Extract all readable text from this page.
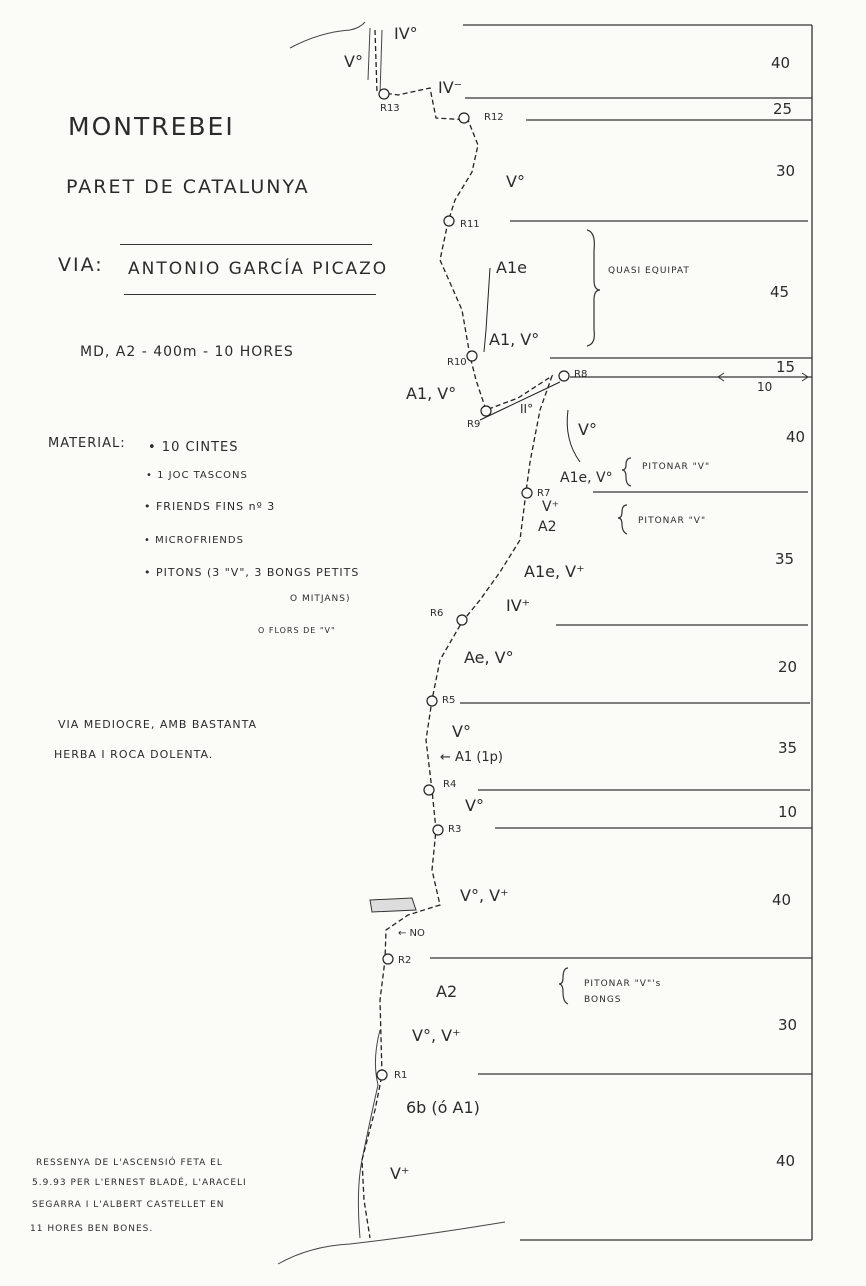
MONTREBEI
PARET DE CATALUNYA
VIA: ANTONIO GARCÍA PICAZO
MD, A2 - 400m - 10 HORES
MATERIAL: • 10 CINTES
• 1 JOC TASCONS
• FRIENDS FINS nº 3
• MICROFRIENDS
• PITONS (3 "V", 3 BONGS PETITS
O MITJANS)
O FLORS DE "V"
VIA MEDIOCRE, AMB BASTANTA
HERBA I ROCA DOLENTA.
RESSENYA DE L'ASCENSIÓ FETA EL
5.9.93 PER L'ERNEST BLADÉ, L'ARACELI
SEGARRA I L'ALBERT CASTELLET EN
11 HORES BEN BONES.
40
25
30
45
15
10
40
35
20
35
10
40
30
40
R13
R12
R11
R10
R9
R8
R7
R6
R5
R4
R3
R2
R1
V°
IV°
IV⁻
V°
A1e
A1, V°
A1, V°
II°
V°
A1e, V°
V⁺
A2
A1e, V⁺
IV⁺
Ae, V°
V°
← A1 (1p)
V°
V°, V⁺
← NO
A2
V°, V⁺
6b (ó A1)
V⁺
QUASI EQUIPAT
PITONAR "V"
PITONAR "V"
PITONAR "V"'s BONGS
